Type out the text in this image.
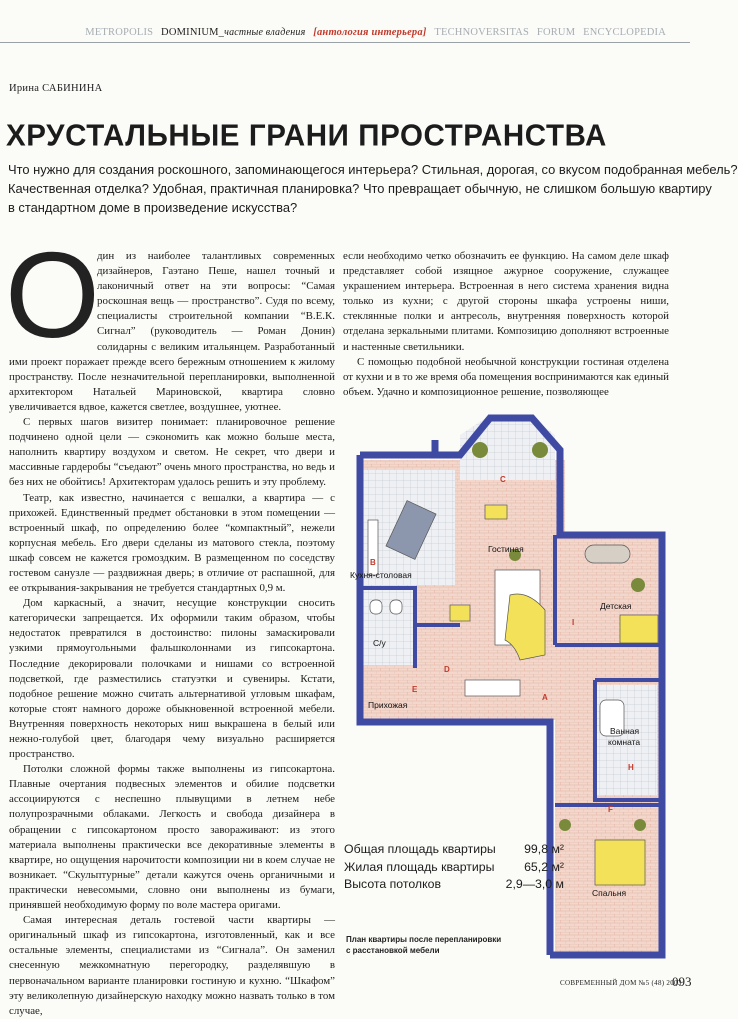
METROPOLIS DOMINIUM_частные владения [антология интерьера] TECHNOVERSITAS FORUM ENCYCLOPEDIA
Ирина САБИНИНА
ХРУСТАЛЬНЫЕ ГРАНИ ПРОСТРАНСТВА

Что нужно для создания роскошного, запоминающегося интерьера? Стильная, дорогая, со вкусом подобранная мебель?

Качественная отделка? Удобная, практичная планировка? Что превращает обычную, не слишком большую квартиру

в стандартном доме в произведение искусства?

О дин из наиболее талантливых современных дизайнеров, Гаэтано Пеше, нашел точный и лаконичный ответ на эти вопросы: “Самая роскошная вещь — пространство”. Судя по всему, специалисты строительной компании “В.Е.К. Сигнал” (руководитель — Роман Донин) солидарны с великим итальянцем. Разработанный ими проект поражает прежде всего бережным отношением к жилому пространству. После незначительной перепланировки, выполненной архитектором Натальей Мариновской, квартира словно увеличивается вдвое, кажется светлее, воздушнее, уютнее.

С первых шагов визитер понимает: планировочное решение подчинено одной цели — сэкономить как можно больше места, наполнить квартиру воздухом и светом. Не секрет, что двери и массивные гардеробы “съедают” очень много пространства, но ведь и без них не обойтись! Архитекторам удалось решить и эту проблему.

Театр, как известно, начинается с вешалки, а квартира — с прихожей. Единственный предмет обстановки в этом помещении — встроенный шкаф, по определению более “компактный”, нежели корпусная мебель. Его двери сделаны из матового стекла, поэтому шкаф совсем не кажется громоздким. В размещенном по соседству гостевом санузле — раздвижная дверь; в отличие от распашной, для ее открывания-закрывания не требуется стандартных 0,9 м.

Дом каркасный, а значит, несущие конструкции сносить категорически запрещается. Их оформили таким образом, чтобы недостаток превратился в достоинство: пилоны замаскировали узкими прямоугольными фальшколоннами из гипсокартона. Последние декорировали полочками и нишами со встроенной подсветкой, где разместились статуэтки и сувениры. Кстати, подобное решение можно считать альтернативой угловым шкафам, которые стоят намного дороже обыкновенной встроенной мебели. Внутренняя поверхность некоторых ниш выкрашена в белый или нежно-голубой цвет, благодаря чему визуально расширяется пространство.

Потолки сложной формы также выполнены из гипсокартона. Плавные очертания подвесных элементов и обилие подсветки ассоциируются с неспешно плывущими в летнем небе полупрозрачными облаками. Легкость и свобода дизайнера в обращении с гипсокартоном просто завораживают: из этого материала выполнены практически все декоративные элементы в квартире, но ощущения нарочитости композиции ни в коем случае не возникает. “Скульптурные” детали кажутся очень органичными и практически невесомыми, словно они выполнены из бумаги, принявшей необходимую форму по воле мастера оригами.

Самая интересная деталь гостевой части квартиры — оригинальный шкаф из гипсокартона, изготовленный, как и все остальные элементы, специалистами из “Сигнала”. Он заменил снесенную межкомнатную перегородку, разделявшую в первоначальном варианте планировки гостиную и кухню. “Шкафом” эту великолепную дизайнерскую находку можно назвать только в том случае,

если необходимо четко обозначить ее функцию. На самом деле шкаф представляет собой изящное ажурное сооружение, служащее украшением интерьера. Встроенная в него система хранения видна только из кухни; с другой стороны шкафа устроены ниши, стеклянные полки и антресоль, внутренняя поверхность которой отделана зеркальными плитами. Композицию дополняют встроенные и настенные светильники.

С помощью подобной необычной конструкции гостиная отделена от кухни и в то же время оба помещения воспринимаются как единый объем. Удачно и композиционное решение, позволяющее

B
C
A
I
E
D
H
F
Гостиная
Кухня-столовая
Детская
С/у
Прихожая
Ванная
комната
Спальня
Общая площадь квартиры 99,8 м²
Жилая площадь квартиры 65,2 м²
Высота потолков	2,9—3,0 м
План квартиры после перепланировки
с расстановкой мебели
СОВРЕМЕННЫЙ ДОМ №5 (48) 2003
093
